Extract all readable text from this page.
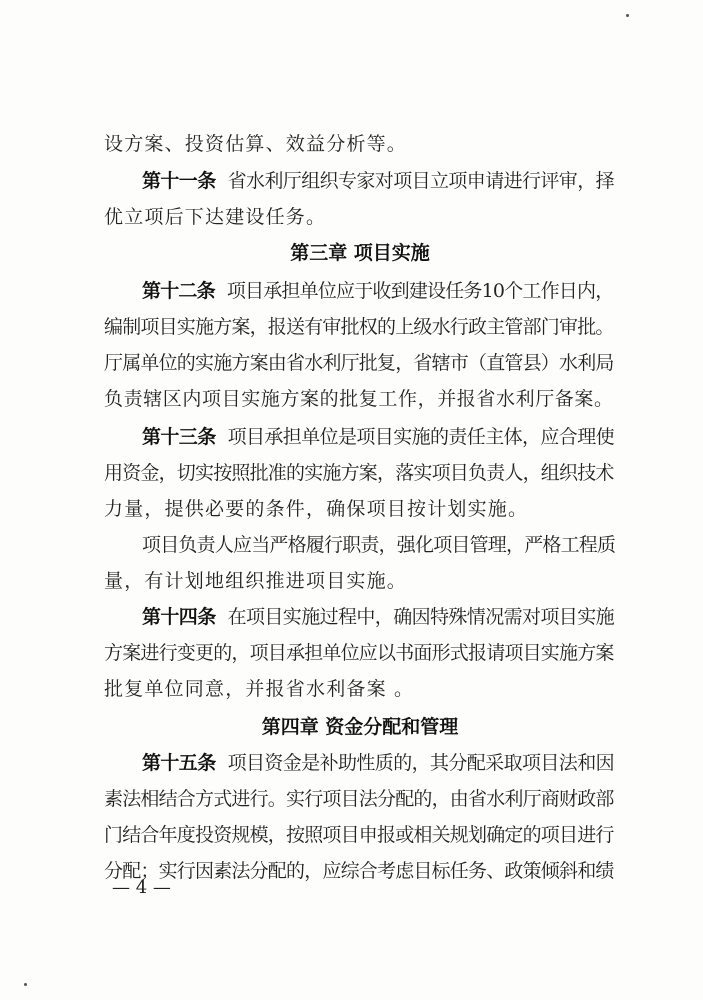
设方案、投资估算、效益分析等。
第十一条 省水利厅组织专家对项目立项申请进行评审，择
优立项后下达建设任务。
第三章 项目实施
第十二条 项目承担单位应于收到建设任务10个工作日内，
编制项目实施方案，报送有审批权的上级水行政主管部门审批。
厅属单位的实施方案由省水利厅批复，省辖市（直管县）水利局
负责辖区内项目实施方案的批复工作，并报省水利厅备案。
第十三条 项目承担单位是项目实施的责任主体，应合理使
用资金，切实按照批准的实施方案，落实项目负责人，组织技术
力量，提供必要的条件，确保项目按计划实施。
项目负责人应当严格履行职责，强化项目管理，严格工程质
量，有计划地组织推进项目实施。
第十四条 在项目实施过程中，确因特殊情况需对项目实施
方案进行变更的，项目承担单位应以书面形式报请项目实施方案
批复单位同意，并报省水利备案 。
第四章 资金分配和管理
第十五条 项目资金是补助性质的，其分配采取项目法和因
素法相结合方式进行。实行项目法分配的，由省水利厅商财政部
门结合年度投资规模，按照项目申报或相关规划确定的项目进行
分配；实行因素法分配的，应综合考虑目标任务、政策倾斜和绩
— 4 —
